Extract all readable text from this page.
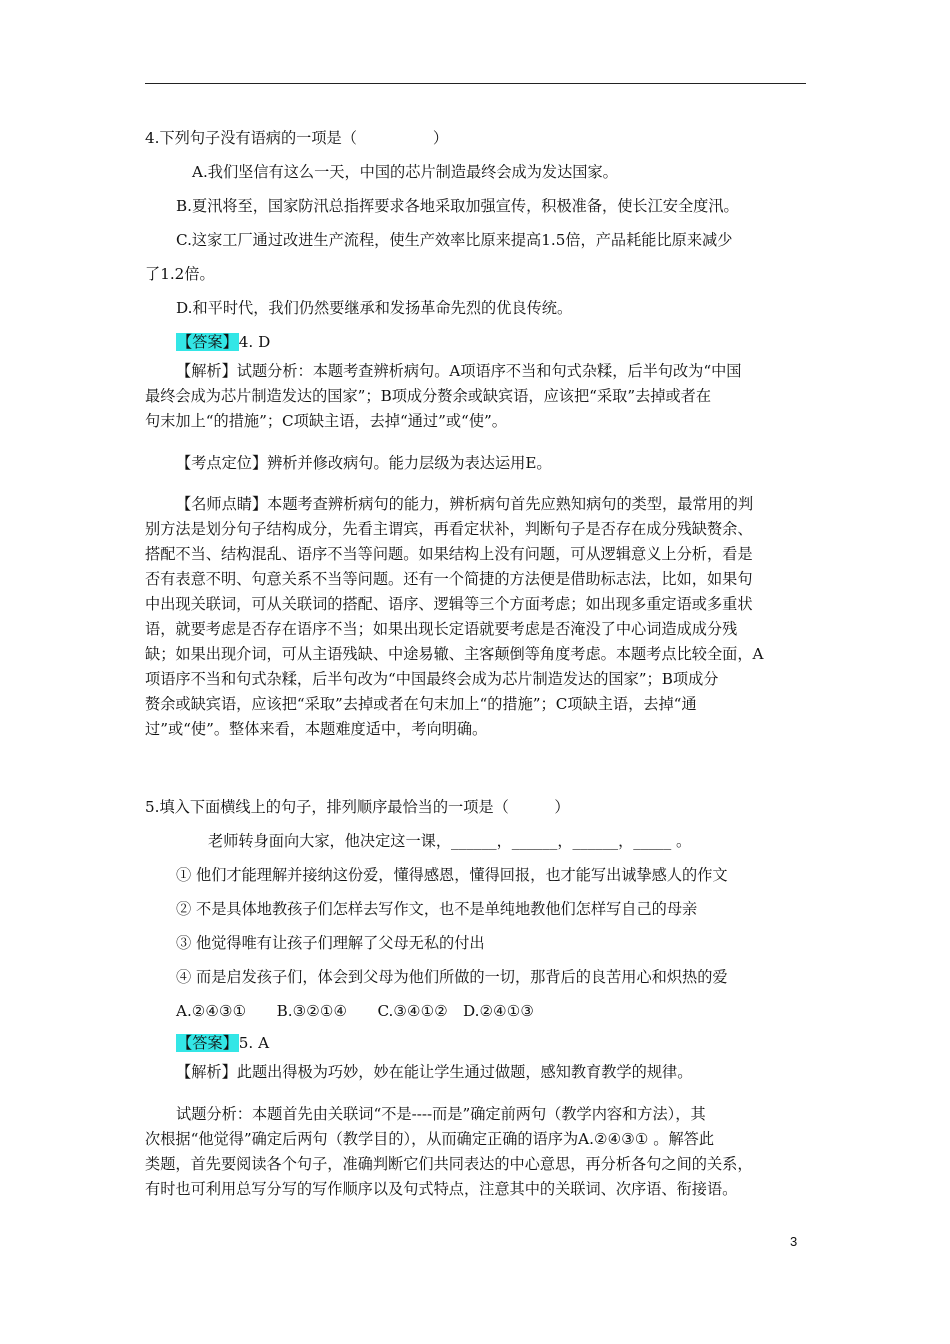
4.下列句子没有语病的一项是（　　　　　）
A.我们坚信有这么一天，中国的芯片制造最终会成为发达国家。
B.夏汛将至，国家防汛总指挥要求各地采取加强宣传，积极准备，使长江安全度汛。
C.这家工厂通过改进生产流程，使生产效率比原来提高1.5倍，产品耗能比原来减少
了1.2倍。
D.和平时代，我们仍然要继承和发扬革命先烈的优良传统。
【答案】4. D
【解析】试题分析：本题考查辨析病句。A项语序不当和句式杂糅，后半句改为“中国
最终会成为芯片制造发达的国家”；B项成分赘余或缺宾语，应该把“采取”去掉或者在
句末加上“的措施”；C项缺主语，去掉“通过”或“使”。
【考点定位】辨析并修改病句。能力层级为表达运用E。
【名师点睛】本题考查辨析病句的能力，辨析病句首先应熟知病句的类型，最常用的判
别方法是划分句子结构成分，先看主谓宾，再看定状补，判断句子是否存在成分残缺赘余、
搭配不当、结构混乱、语序不当等问题。如果结构上没有问题，可从逻辑意义上分析，看是
否有表意不明、句意关系不当等问题。还有一个简捷的方法便是借助标志法，比如，如果句
中出现关联词，可从关联词的搭配、语序、逻辑等三个方面考虑；如出现多重定语或多重状
语，就要考虑是否存在语序不当；如果出现长定语就要考虑是否淹没了中心词造成成分残
缺；如果出现介词，可从主语残缺、中途易辙、主客颠倒等角度考虑。本题考点比较全面，A
项语序不当和句式杂糅，后半句改为“中国最终会成为芯片制造发达的国家”；B项成分
赘余或缺宾语，应该把“采取”去掉或者在句末加上“的措施”；C项缺主语，去掉“通
过”或“使”。整体来看，本题难度适中，考向明确。
5.填入下面横线上的句子，排列顺序最恰当的一项是（　　　）
老师转身面向大家，他决定这一课，______，______，______，_____ 。
① 他们才能理解并接纳这份爱，懂得感恩，懂得回报，也才能写出诚挚感人的作文
② 不是具体地教孩子们怎样去写作文，也不是单纯地教他们怎样写自己的母亲
③ 他觉得唯有让孩子们理解了父母无私的付出
④ 而是启发孩子们，体会到父母为他们所做的一切，那背后的良苦用心和炽热的爱
A.②④③①　　B.③②①④　　C.③④①②　D.②④①③
【答案】5. A
【解析】此题出得极为巧妙，妙在能让学生通过做题，感知教育教学的规律。
试题分析：本题首先由关联词“不是----而是”确定前两句（教学内容和方法），其
次根据“他觉得”确定后两句（教学目的），从而确定正确的语序为A.②④③① 。解答此
类题，首先要阅读各个句子，准确判断它们共同表达的中心意思，再分析各句之间的关系，
有时也可利用总写分写的写作顺序以及句式特点，注意其中的关联词、次序语、衔接语。
3
